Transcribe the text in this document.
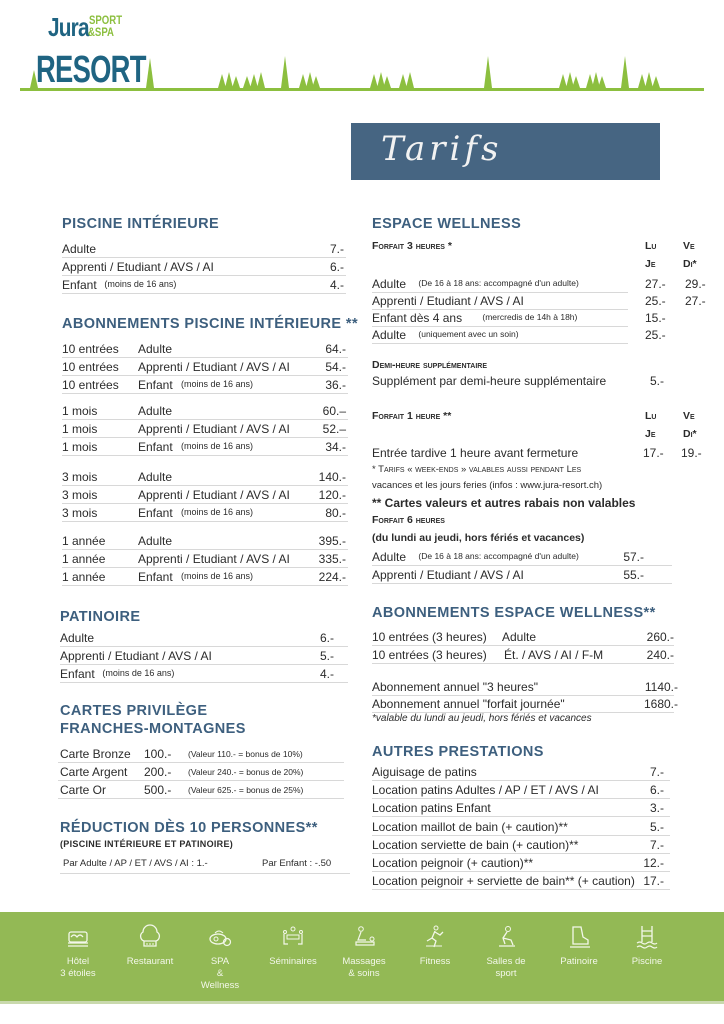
Jura SPORT
&SPA
RESORT
Tarifs
PISCINE INTÉRIEURE
Adulte	7.-
Apprenti / Etudiant / AVS / AI	6.-
Enfant (moins de 16 ans)	4.-
ABONNEMENTS PISCINE INTÉRIEURE **
10 entrées Adulte	64.-
10 entrées Apprenti / Etudiant / AVS / AI	54.-
10 entrées Enfant (moins de 16 ans)	36.-
1 mois	Adulte	60.–
1 mois	Apprenti / Etudiant / AVS / AI	52.–
1 mois	Enfant (moins de 16 ans)	34.-
3 mois	Adulte	140.-
3 mois	Apprenti / Etudiant / AVS / AI 120.-
3 mois	Enfant (moins de 16 ans)	80.-
1 année	Adulte	395.-
1 année	Apprenti / Etudiant / AVS / AI 335.-
1 année	Enfant (moins de 16 ans)	224.-
PATINOIRE
Adulte	6.-
Apprenti / Etudiant / AVS / AI	5.-
Enfant (moins de 16 ans)	4.-
CARTES PRIVILÈGE
FRANCHES-MONTAGNES
Carte Bronze 100.- (Valeur 110.- = bonus de 10%)
Carte Argent 200.- (Valeur 240.- = bonus de 20%)
Carte Or	500.- (Valeur 625.- = bonus de 25%)
RÉDUCTION DÈS 10 PERSONNES**
(PISCINE INTÉRIEURE ET PATINOIRE)
Par Adulte / AP / ET / AVS / AI : 1.-	Par Enfant : -.50
ESPACE WELLNESS
Forfait 3 heures *	Lu	Ve
Je	Di*
Adulte (De 16 à 18 ans: accompagné d'un adulte)	27.- 29.-
Apprenti / Etudiant / AVS / AI	25.- 27.-
Enfant dès 4 ans (mercredis de 14h à 18h)	15.-
Adulte (uniquement avec un soin)	25.-
Demi-heure supplémentaire
Supplément par demi-heure supplémentaire	5.-
Forfait 1 heure **	Lu	Ve
Je	Di*
Entrée tardive 1 heure avant fermeture	17.- 19.-
* Tarifs « week-ends » valables aussi pendant Les
vacances et les jours feries (infos : www.jura-resort.ch)
** Cartes valeurs et autres rabais non valables
Forfait 6 heures
(du lundi au jeudi, hors fériés et vacances)
Adulte (De 16 à 18 ans: accompagné d'un adulte)	57.-
Apprenti / Etudiant / AVS / AI	55.-
ABONNEMENTS ESPACE WELLNESS**
10 entrées (3 heures) Adulte	260.-
10 entrées (3 heures) Ét. / AVS / AI / F-M	240.-
Abonnement annuel "3 heures"	1140.-
Abonnement annuel "forfait journée"	1680.-
*valable du lundi au jeudi, hors fériés et vacances
AUTRES PRESTATIONS
Aiguisage de patins	7.-
Location patins Adultes / AP / ET / AVS / AI	6.-
Location patins Enfant	3.-
Location maillot de bain (+ caution)**	5.-
Location serviette de bain (+ caution)**	7.-
Location peignoir (+ caution)**	12.-
Location peignoir + serviette de bain** (+ caution) 17.-
Hôtel
3 étoiles
Restaurant	SPA
&
Wellness
Séminaires	Massages
& soins
Fitness	Salles de
sport
Patinoire	Piscine
